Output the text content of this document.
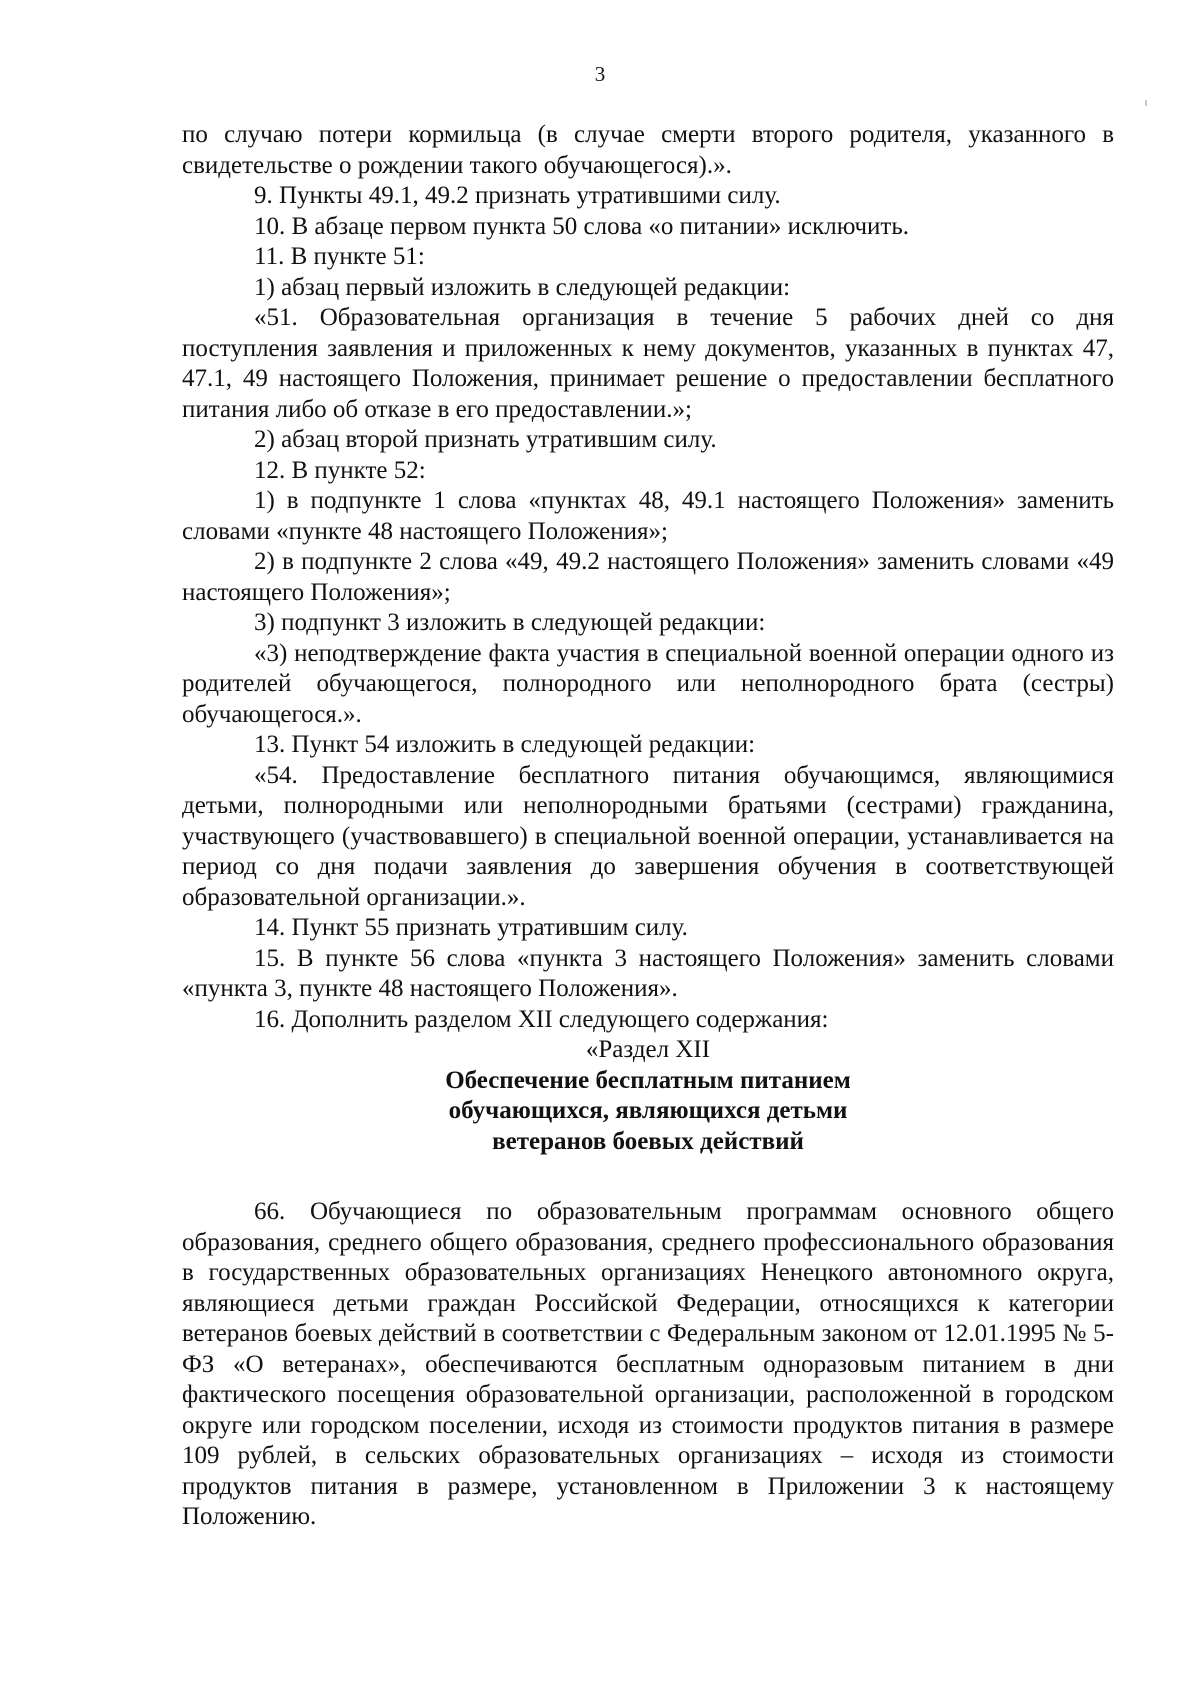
3

по случаю потери кормильца (в случае смерти второго родителя, указанного в свидетельстве о рождении такого обучающегося).».

9. Пункты 49.1, 49.2 признать утратившими силу.

10. В абзаце первом пункта 50 слова «о питании» исключить.

11. В пункте 51:

1) абзац первый изложить в следующей редакции:

«51. Образовательная организация в течение 5 рабочих дней со дня поступления заявления и приложенных к нему документов, указанных в пунктах 47, 47.1, 49 настоящего Положения, принимает решение о предоставлении бесплатного питания либо об отказе в его предоставлении.»;

2) абзац второй признать утратившим силу.

12. В пункте 52:

1) в подпункте 1 слова «пунктах 48, 49.1 настоящего Положения» заменить словами «пункте 48 настоящего Положения»;

2) в подпункте 2 слова «49, 49.2 настоящего Положения» заменить словами «49 настоящего Положения»;

3) подпункт 3 изложить в следующей редакции:

«3) неподтверждение факта участия в специальной военной операции одного из родителей обучающегося, полнородного или неполнородного брата (сестры) обучающегося.».

13. Пункт 54 изложить в следующей редакции:

«54. Предоставление бесплатного питания обучающимся, являющимися детьми, полнородными или неполнородными братьями (сестрами) гражданина, участвующего (участвовавшего) в специальной военной операции, устанавливается на период со дня подачи заявления до завершения обучения в соответствующей образовательной организации.».

14. Пункт 55 признать утратившим силу.

15. В пункте 56 слова «пункта 3 настоящего Положения» заменить словами «пункта 3, пункте 48 настоящего Положения».

16. Дополнить разделом XII следующего содержания:

«Раздел XII

Обеспечение бесплатным питанием

обучающихся, являющихся детьми

ветеранов боевых действий

66. Обучающиеся по образовательным программам основного общего образования, среднего общего образования, среднего профессионального образования в государственных образовательных организациях Ненецкого автономного округа, являющиеся детьми граждан Российской Федерации, относящихся к категории ветеранов боевых действий в соответствии с Федеральным законом от 12.01.1995 № 5-ФЗ «О ветеранах», обеспечиваются бесплатным одноразовым питанием в дни фактического посещения образовательной организации, расположенной в городском округе или городском поселении, исходя из стоимости продуктов питания в размере 109 рублей, в сельских образовательных организациях – исходя из стоимости продуктов питания в размере, установленном в Приложении 3 к настоящему Положению.
